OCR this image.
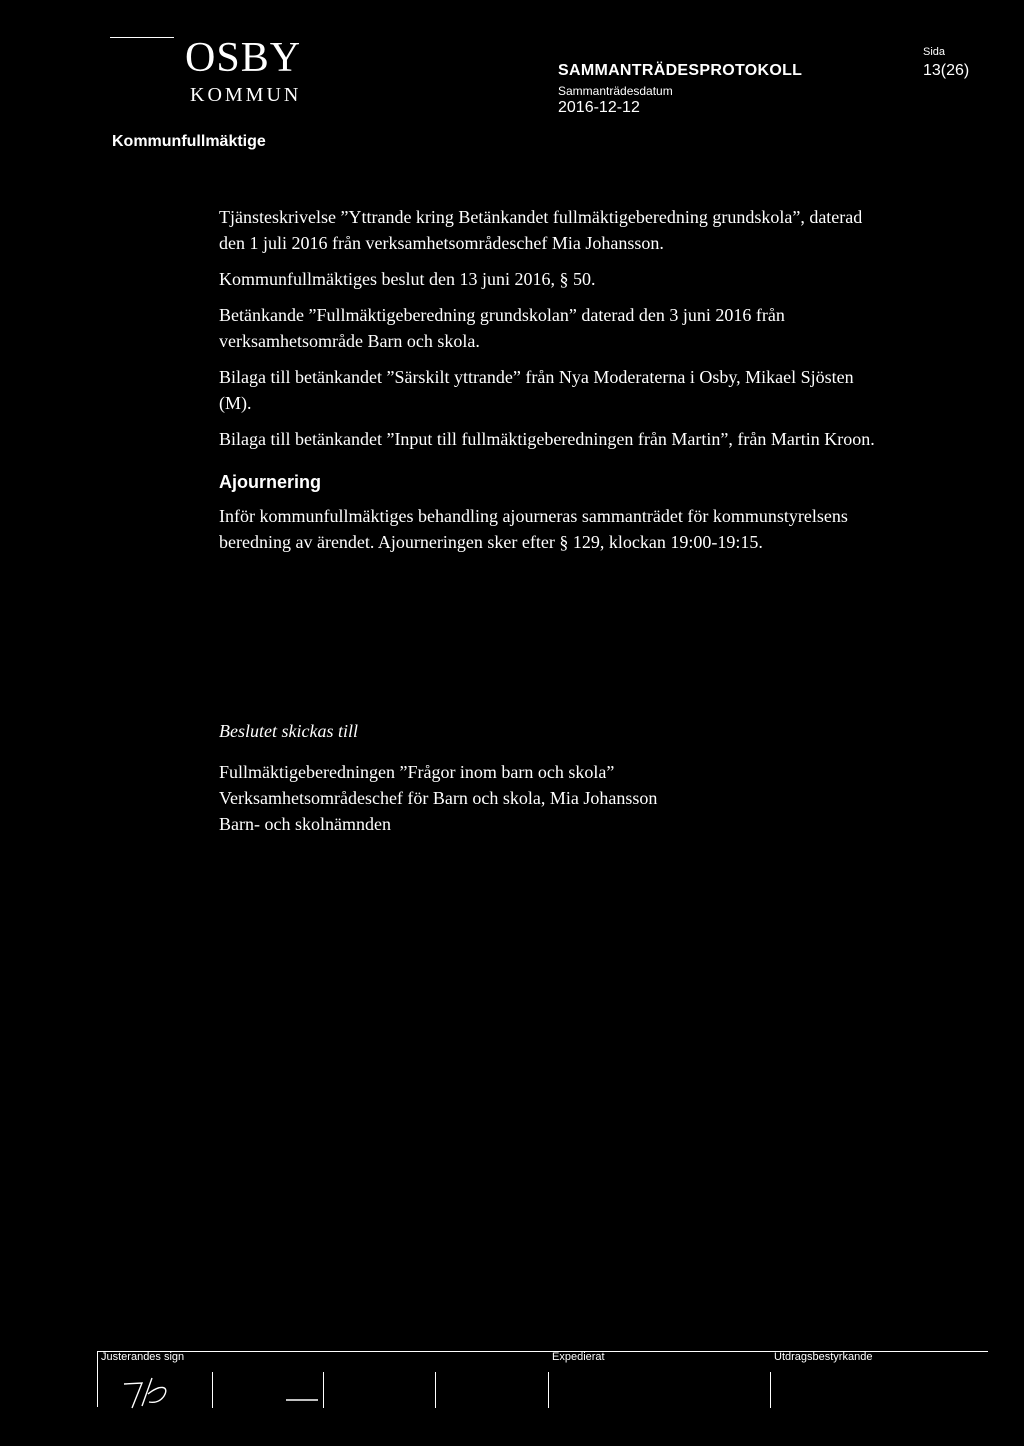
OSBY
KOMMUN
SAMMANTRÄDESPROTOKOLL
Sammanträdesdatum
2016-12-12
Sida
13(26)
Kommunfullmäktige

Tjänsteskrivelse ”Yttrande kring Betänkandet fullmäktigeberedning grundskola”, daterad den 1 juli 2016 från verksamhetsområdeschef Mia Johansson.

Kommunfullmäktiges beslut den 13 juni 2016, § 50.

Betänkande ”Fullmäktigeberedning grundskolan” daterad den 3 juni 2016 från verksamhetsområde Barn och skola.

Bilaga till betänkandet ”Särskilt yttrande” från Nya Moderaterna i Osby, Mikael Sjösten (M).

Bilaga till betänkandet ”Input till fullmäktigeberedningen från Martin”, från Martin Kroon.

Ajournering

Inför kommunfullmäktiges behandling ajourneras sammanträdet för kommunstyrelsens beredning av ärendet. Ajourneringen sker efter § 129, klockan 19:00-19:15.

Beslutet skickas till
Fullmäktigeberedningen ”Frågor inom barn och skola”
Verksamhetsområdeschef för Barn och skola, Mia Johansson
Barn- och skolnämnden
Justerandes sign	Expedierat	Utdragsbestyrkande
